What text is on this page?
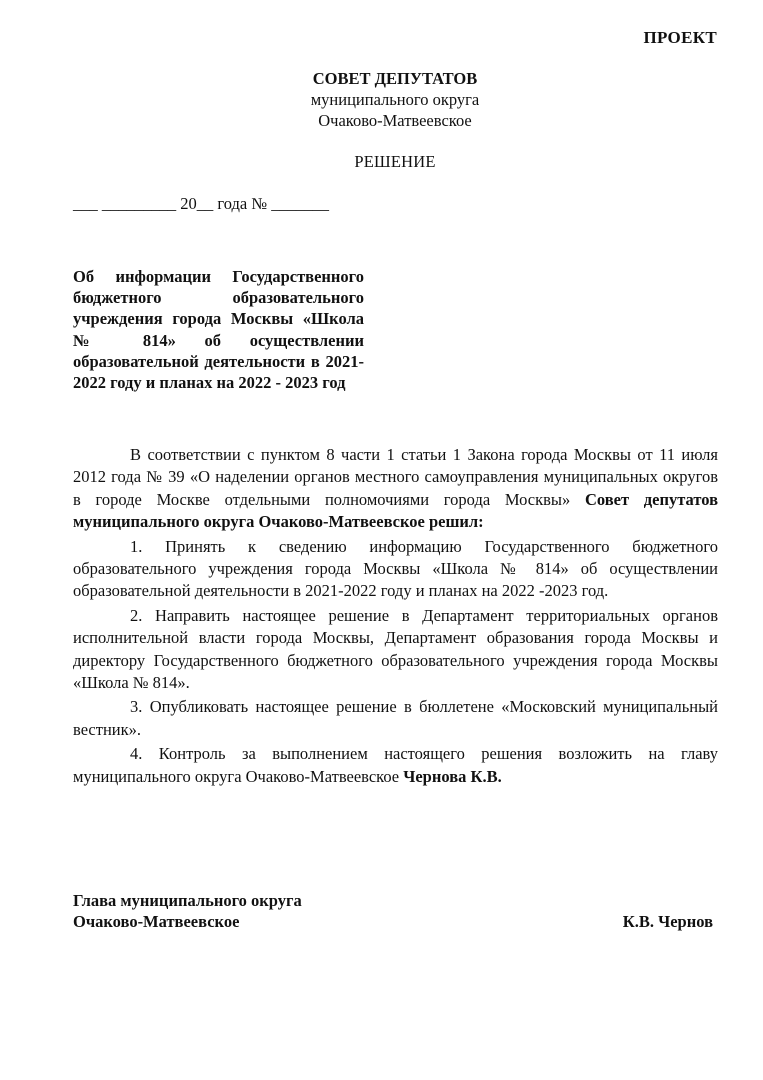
ПРОЕКТ
СОВЕТ ДЕПУТАТОВ
муниципального округа
Очаково-Матвеевское
РЕШЕНИЕ
___ _________ 20__ года № _______
Об информации Государственного бюджетного образовательного учреждения города Москвы «Школа № 814» об осуществлении образовательной деятельности в 2021-2022 году и планах на 2022 - 2023 год

В соответствии с пунктом 8 части 1 статьи 1 Закона города Москвы от 11 июля 2012 года № 39 «О наделении органов местного самоуправления муниципальных округов в городе Москве отдельными полномочиями города Москвы» Совет депутатов муниципального округа Очаково-Матвеевское решил:

1. Принять к сведению информацию Государственного бюджетного образовательного учреждения города Москвы «Школа № 814» об осуществлении образовательной деятельности в 2021-2022 году и планах на 2022 -2023 год.

2. Направить настоящее решение в Департамент территориальных органов исполнительной власти города Москвы, Департамент образования города Москвы и директору Государственного бюджетного образовательного учреждения города Москвы «Школа № 814».

3. Опубликовать настоящее решение в бюллетене «Московский муниципальный вестник».

4. Контроль за выполнением настоящего решения возложить на главу муниципального округа Очаково-Матвеевское Чернова К.В.

Глава муниципального округа
Очаково-Матвеевское	К.В. Чернов
